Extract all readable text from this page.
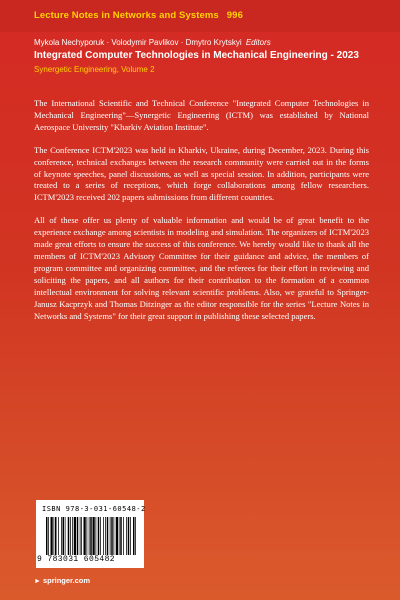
Lecture Notes in Networks and Systems 996
Mykola Nechyporuk · Volodymir Pavlikov · Dmytro Krytskyi Editors
Integrated Computer Technologies in Mechanical Engineering - 2023
Synergetic Engineering, Volume 2

The International Scientific and Technical Conference "Integrated Computer Technologies in Mechanical Engineering"—Synergetic Engineering (ICTM) was established by National Aerospace University "Kharkiv Aviation Institute".

The Conference ICTM'2023 was held in Kharkiv, Ukraine, during December, 2023. During this conference, technical exchanges between the research community were carried out in the forms of keynote speeches, panel discussions, as well as special session. In addition, participants were treated to a series of receptions, which forge collaborations among fellow researchers. ICTM'2023 received 202 papers submissions from different countries.

All of these offer us plenty of valuable information and would be of great benefit to the experience exchange among scientists in modeling and simulation. The organizers of ICTM'2023 made great efforts to ensure the success of this conference. We hereby would like to thank all the members of ICTM'2023 Advisory Committee for their guidance and advice, the members of program committee and organizing committee, and the referees for their effort in reviewing and soliciting the papers, and all authors for their contribution to the formation of a common intellectual environment for solving relevant scientific problems. Also, we grateful to Springer-Janusz Kacprzyk and Thomas Ditzinger as the editor responsible for the series "Lecture Notes in Networks and Systems" for their great support in publishing these selected papers.

ISBN 978-3-031-60548-2
9 783031 605482
► springer.com
